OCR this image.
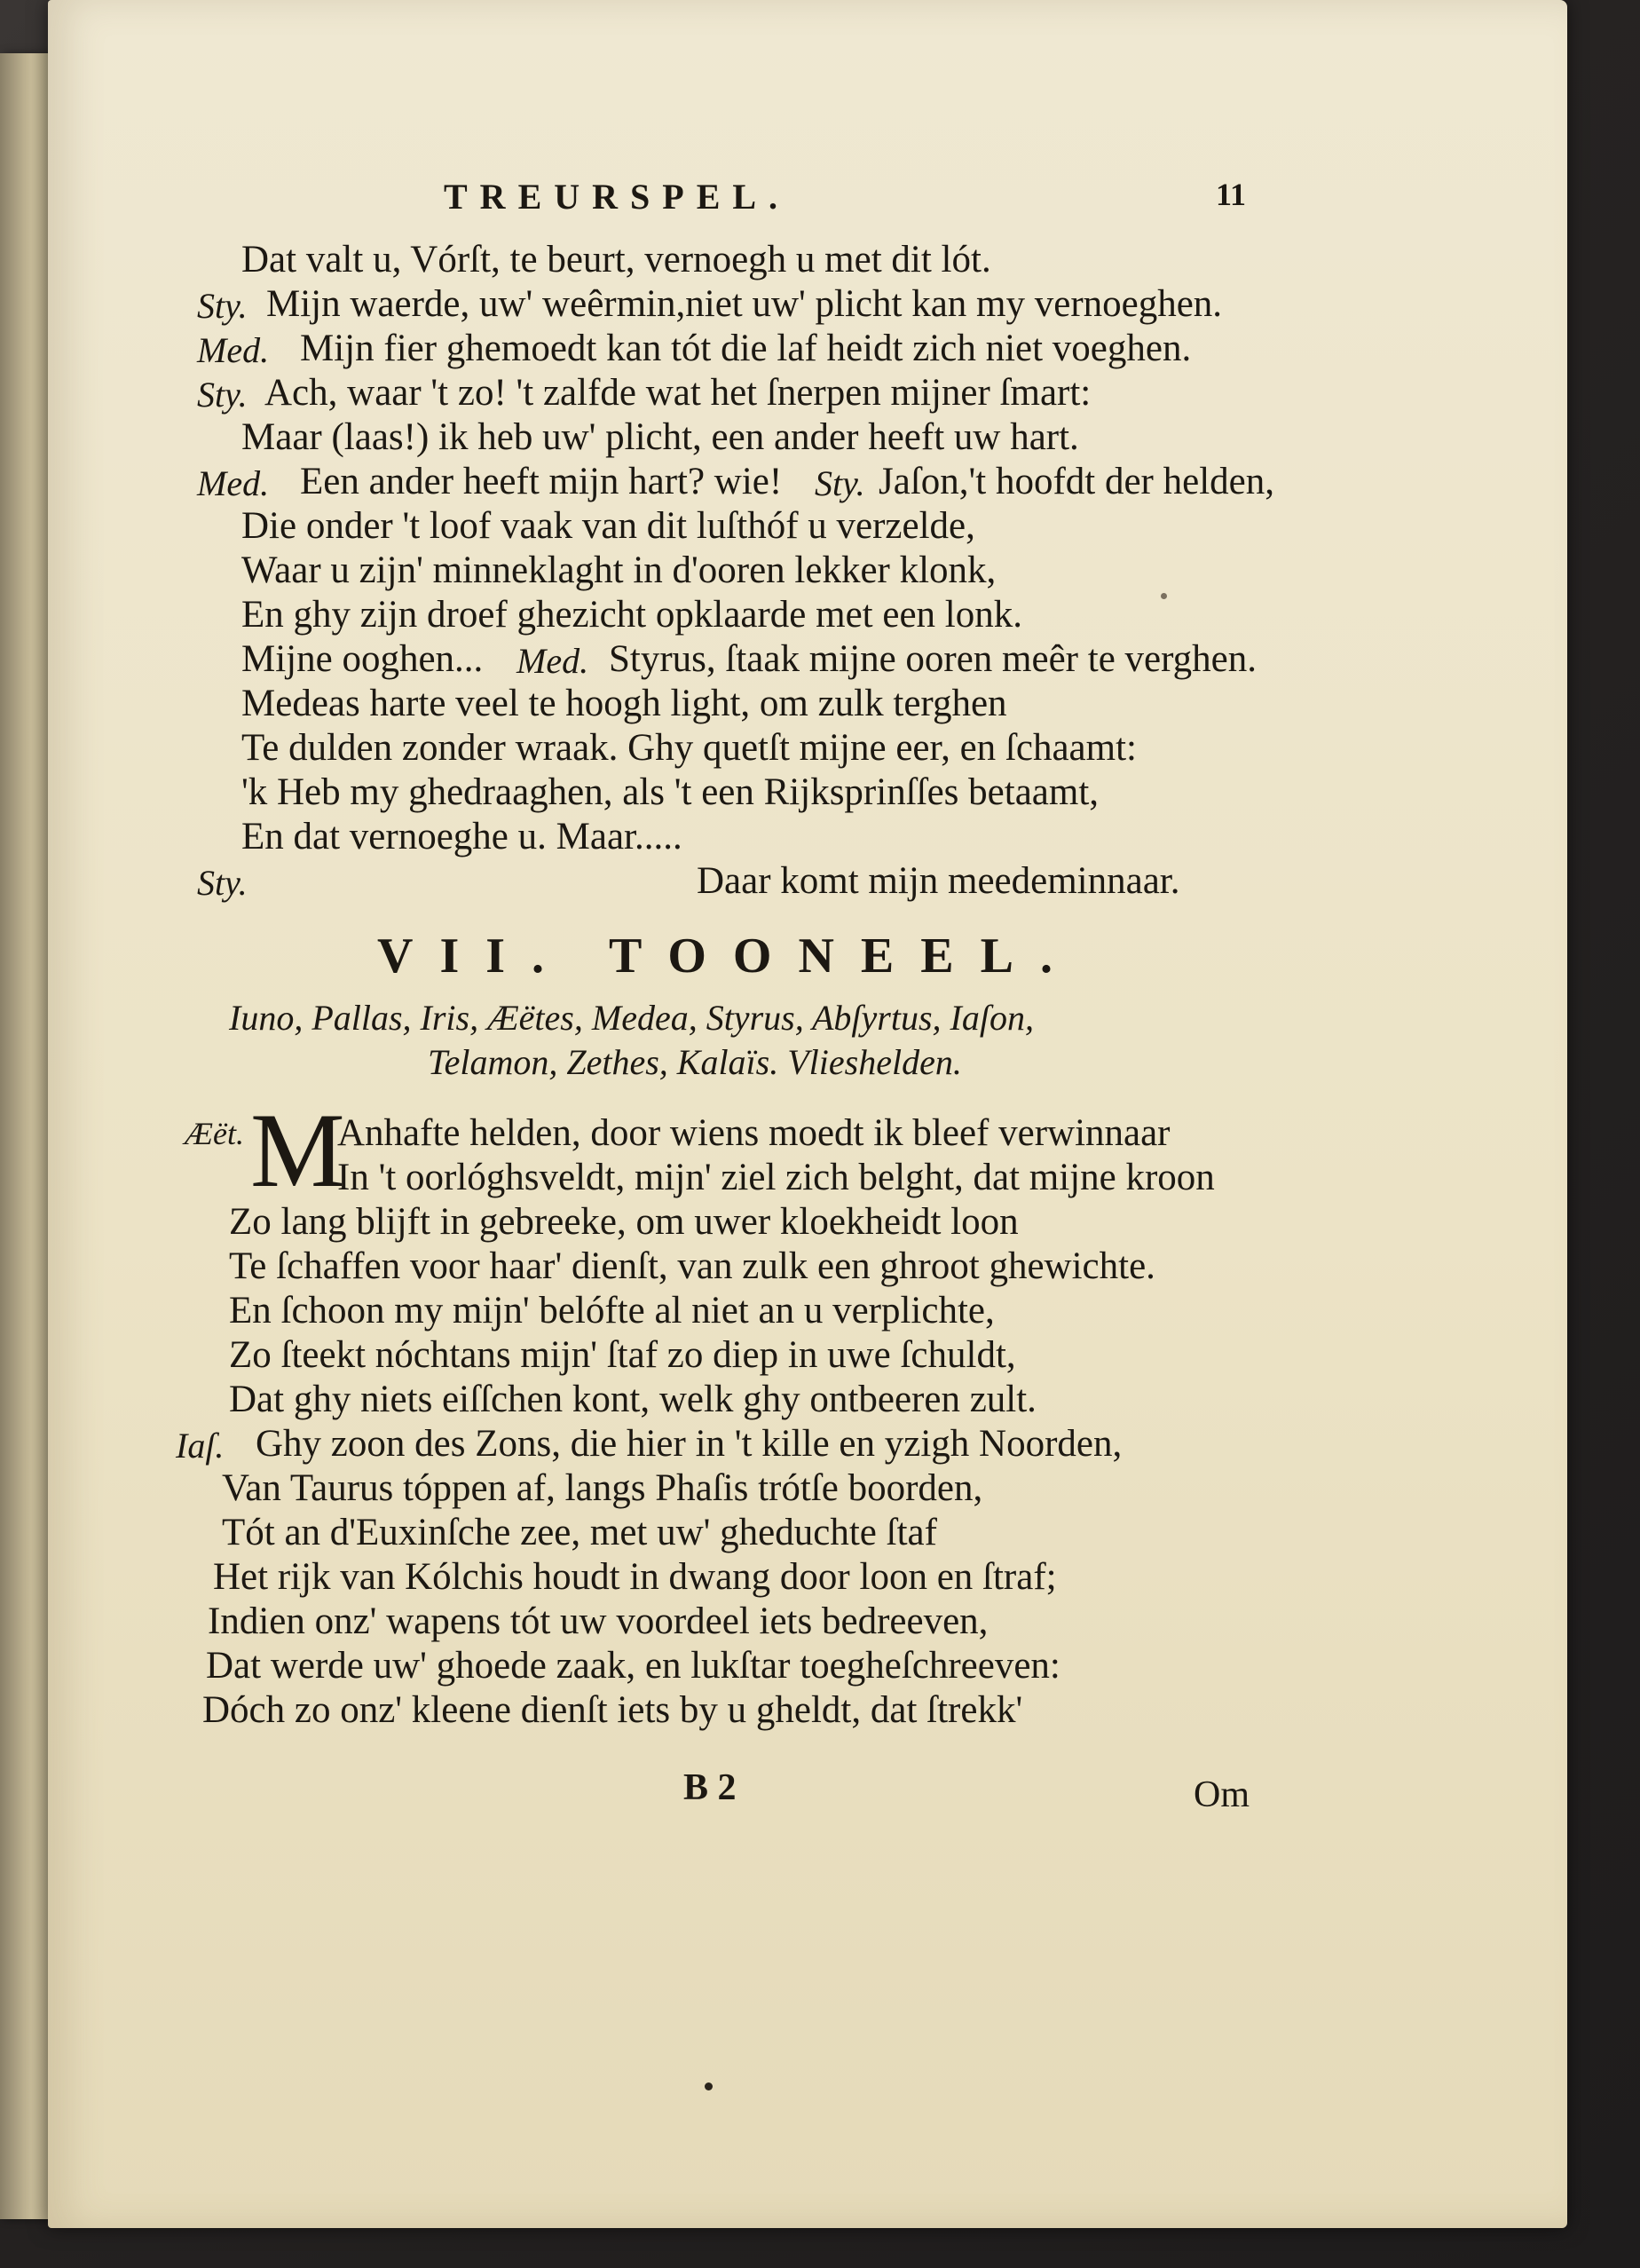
TREURSPEL.	11
Dat valt u, Vórſt, te beurt, vernoegh u met dit lót.
Sty. Mijn waerde, uw' weêrmin,niet uw' plicht kan my vernoeghen.
Med. Mijn fier ghemoedt kan tót die laf heidt zich niet voeghen.
Sty. Ach, waar 't zo! 't zalfde wat het ſnerpen mijner ſmart:
Maar (laas!) ik heb uw' plicht, een ander heeft uw hart.
Med. Een ander heeft mijn hart? wie! Sty. Jaſon,'t hoofdt der helden,
Die onder 't loof vaak van dit luſthóf u verzelde,
Waar u zijn' minneklaght in d'ooren lekker klonk,
En ghy zijn droef ghezicht opklaarde met een lonk.
Mijne ooghen... Med. Styrus, ſtaak mijne ooren meêr te verghen.
Medeas harte veel te hoogh light, om zulk terghen
Te dulden zonder wraak. Ghy quetſt mijne eer, en ſchaamt:
'k Heb my ghedraaghen, als 't een Rijksprinſſes betaamt,
En dat vernoeghe u. Maar.....
Sty.	Daar komt mijn meedeminnaar.
VII. TOONEEL.
Iuno, Pallas, Iris, Æëtes, Medea, Styrus, Abſyrtus, Iaſon,
Telamon, Zethes, Kalaïs. Vlieshelden.
Æët. M
Anhafte helden, door wiens moedt ik bleef verwinnaar
In 't oorlóghsveldt, mijn' ziel zich belght, dat mijne kroon
Zo lang blijft in gebreeke, om uwer kloekheidt loon
Te ſchaffen voor haar' dienſt, van zulk een ghroot ghewichte.
En ſchoon my mijn' belófte al niet an u verplichte,
Zo ſteekt nóchtans mijn' ſtaf zo diep in uwe ſchuldt,
Dat ghy niets eiſſchen kont, welk ghy ontbeeren zult.
Iaſ. Ghy zoon des Zons, die hier in 't kille en yzigh Noorden,
Van Taurus tóppen af, langs Phaſis trótſe boorden,
Tót an d'Euxinſche zee, met uw' gheduchte ſtaf
Het rijk van Kólchis houdt in dwang door loon en ſtraf;
Indien onz' wapens tót uw voordeel iets bedreeven,
Dat werde uw' ghoede zaak, en lukſtar toegheſchreeven:
Dóch zo onz' kleene dienſt iets by u gheldt, dat ſtrekk'
B 2	Om
